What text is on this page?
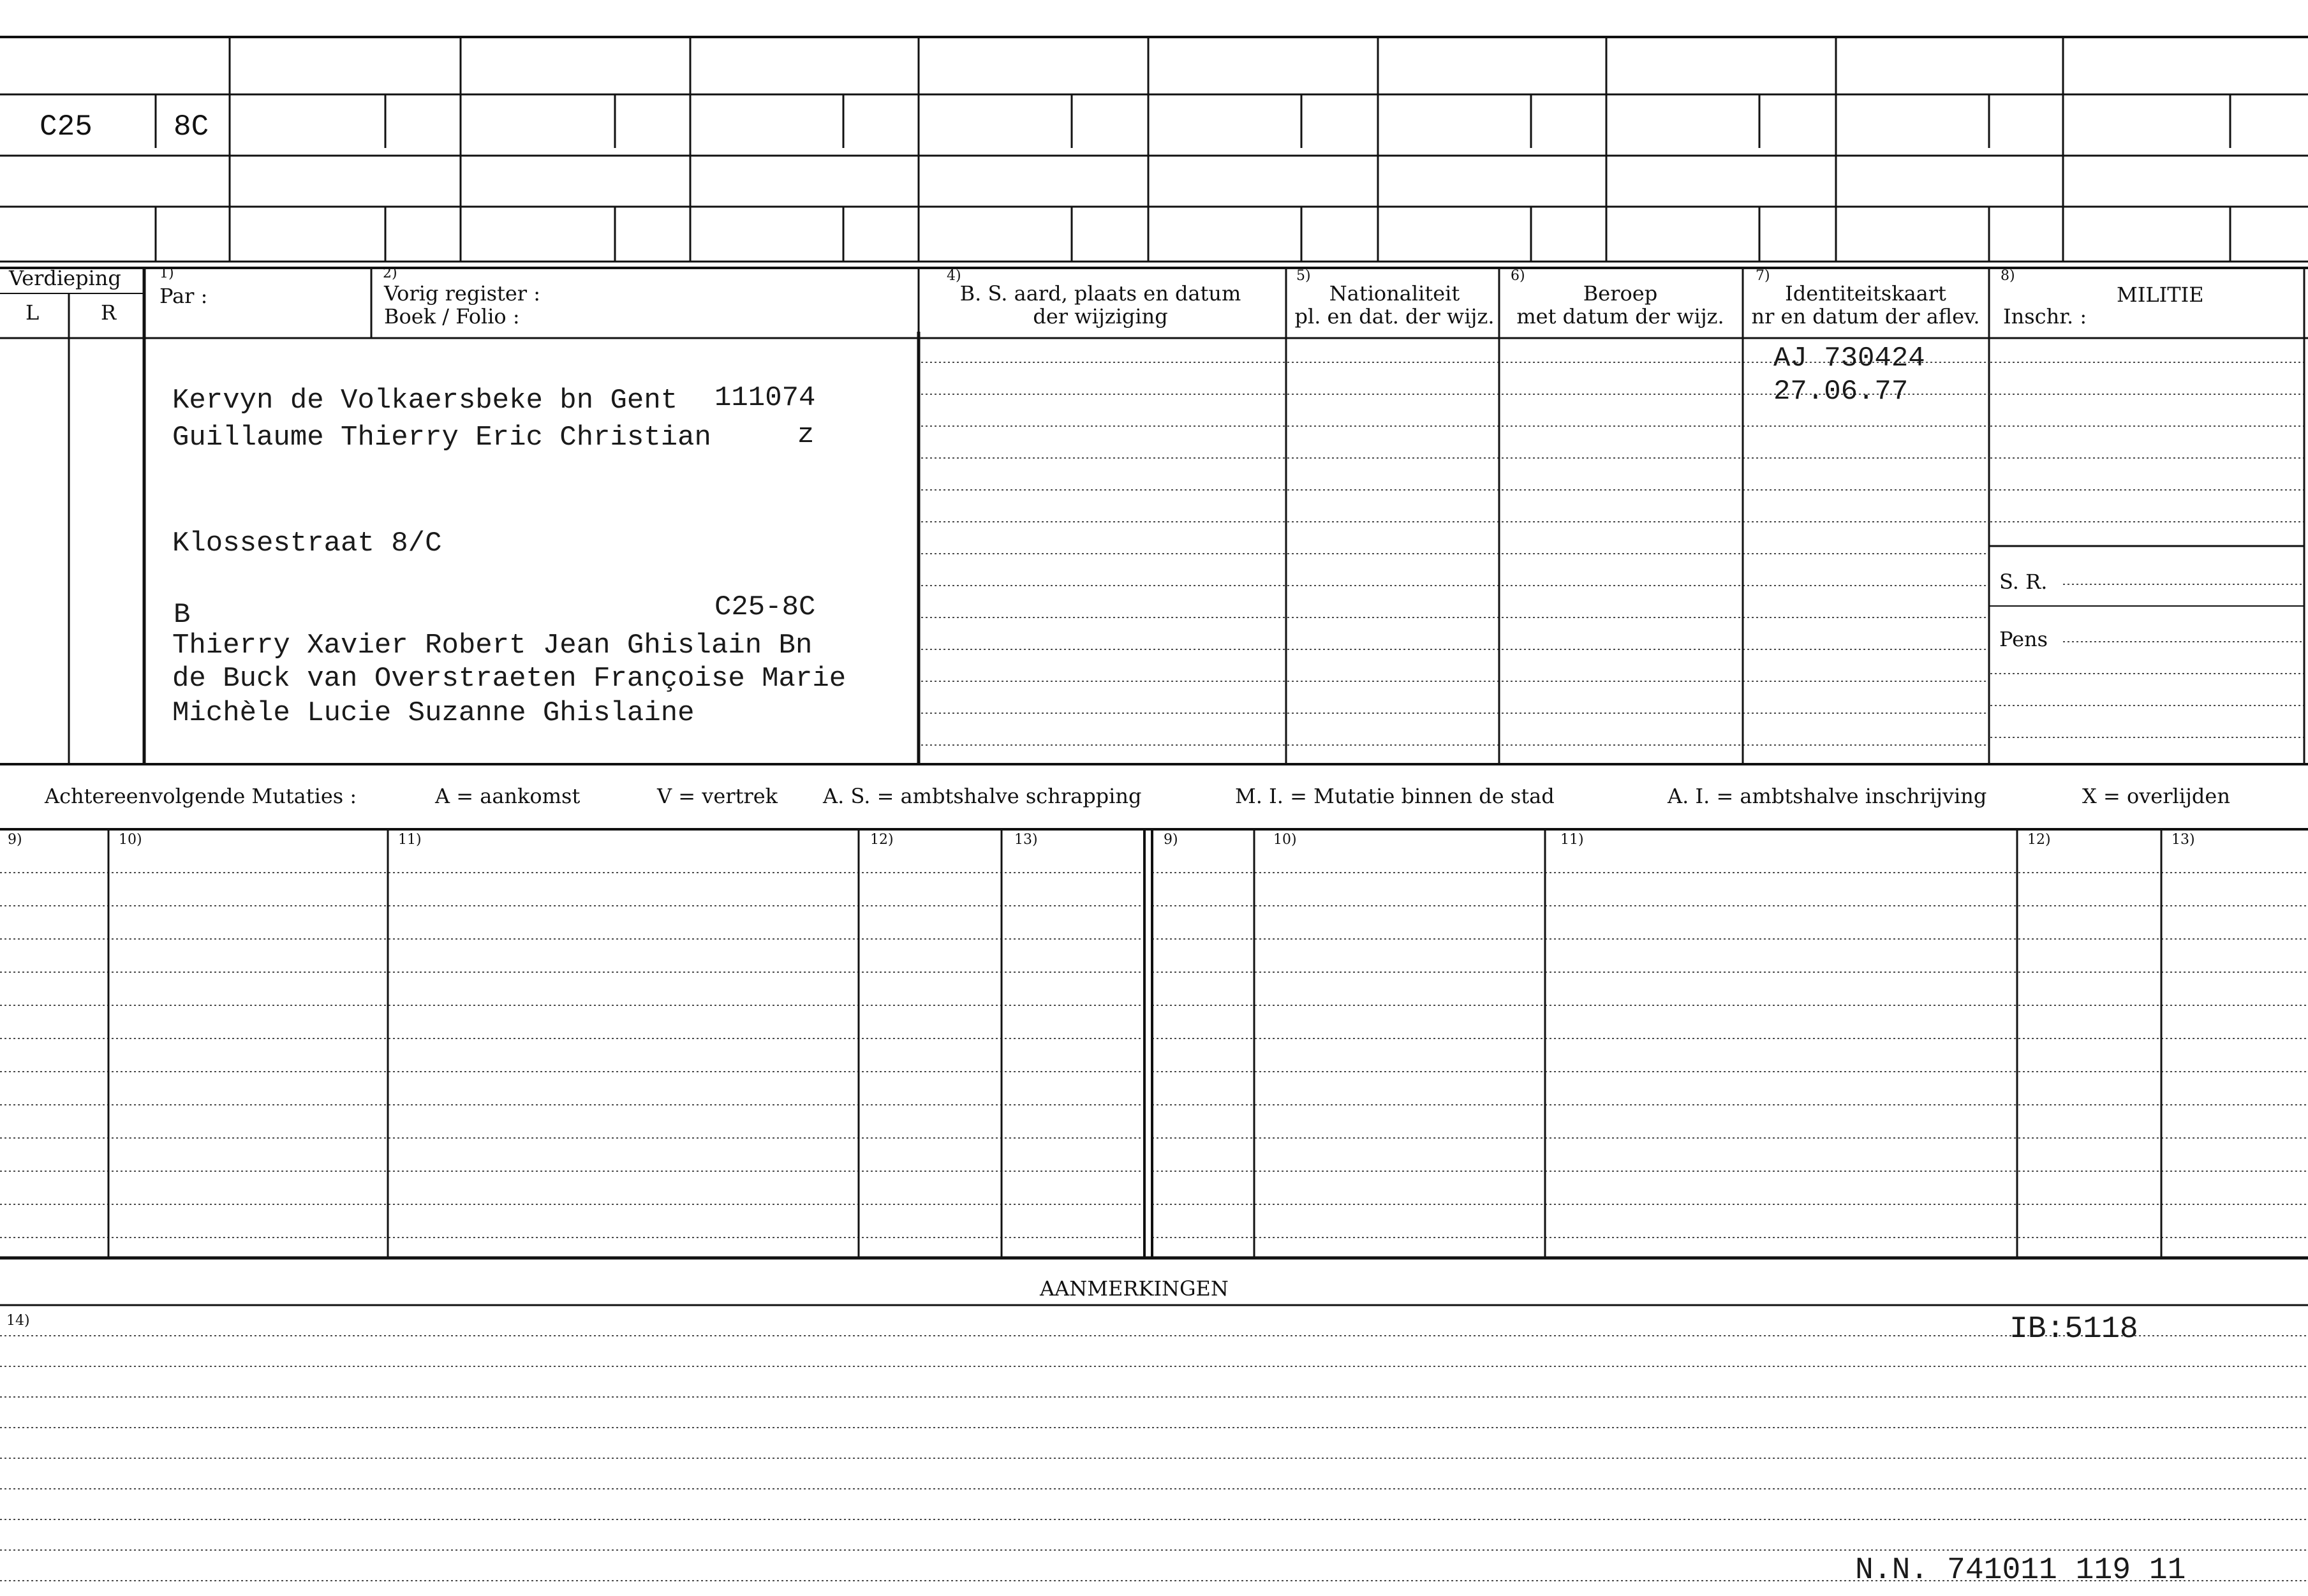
C25	8C
Verdieping
L	R
1)
Par :
2)
Vorig register :
Boek / Folio :
4)
B. S. aard, plaats en datum
der wijziging
5)
Nationaliteit
pl. en dat. der wijz.
6)
Beroep
met datum der wijz.
7)
Identiteitskaart
nr en datum der aflev.
8)
MILITIE
Inschr. :
Kervyn de Volkaersbeke bn Gent 111074
Guillaume Thierry Eric Christian	z
Klossestraat 8/C
B	C25-8C
Thierry Xavier Robert Jean Ghislain Bn
de Buck van Overstraeten Françoise Marie
Michèle Lucie Suzanne Ghislaine
AJ 730424
27.06.77
S. R.
Pens
Achtereenvolgende Mutaties :	A = aankomst	V = vertrek A. S. = ambtshalve schrapping	M. I. = Mutatie binnen de stad	A. I. = ambtshalve inschrijving	X = overlijden
9)	10)	11)	12)	13)	9)	10)	11)	12)	13)
AANMERKINGEN
14)	IB:5118
N.N. 741011 119 11
